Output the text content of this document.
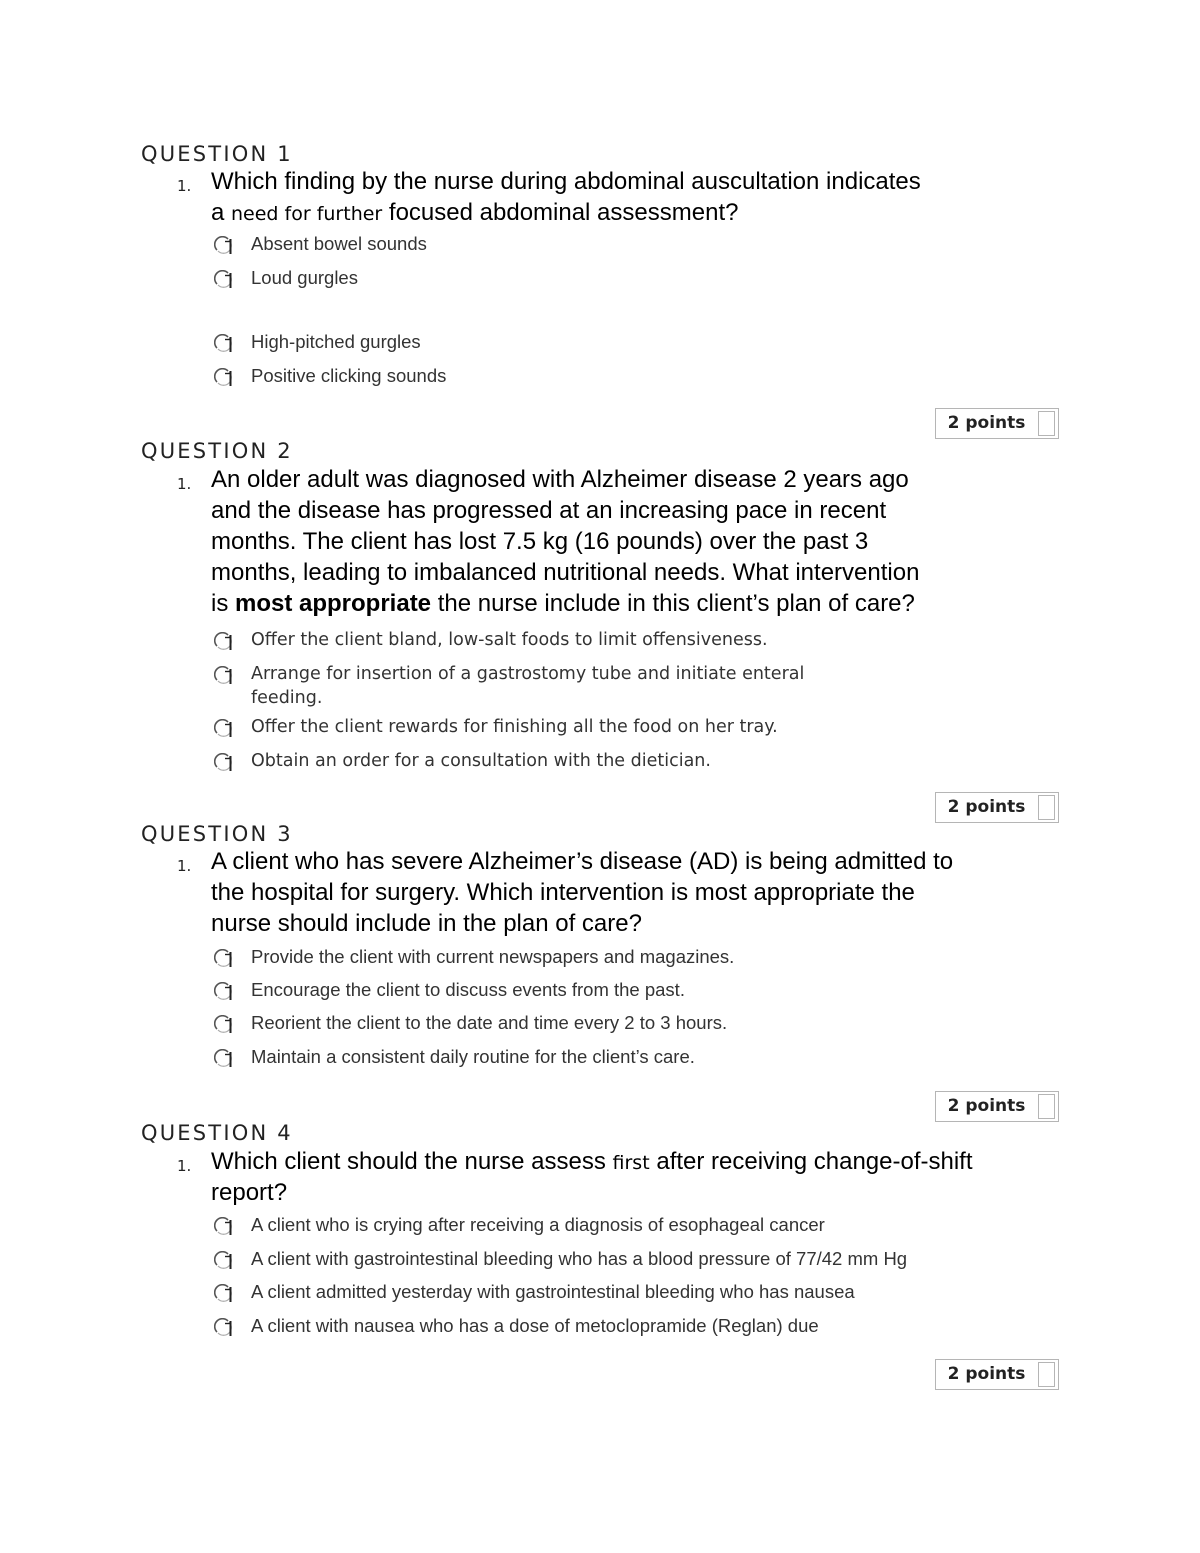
QUESTION 1
1. Which finding by the nurse during abdominal auscultation indicates
a need for further focused abdominal assessment?
Absent bowel sounds
Loud gurgles
High-pitched gurgles
Positive clicking sounds
2 points
QUESTION 2
1. An older adult was diagnosed with Alzheimer disease 2 years ago
and the disease has progressed at an increasing pace in recent
months. The client has lost 7.5 kg (16 pounds) over the past 3
months, leading to imbalanced nutritional needs. What intervention
is most appropriate the nurse include in this client’s plan of care?
Offer the client bland, low-salt foods to limit offensiveness.
Arrange for insertion of a gastrostomy tube and initiate enteral
feeding.
Offer the client rewards for finishing all the food on her tray.
Obtain an order for a consultation with the dietician.
2 points
QUESTION 3
1. A client who has severe Alzheimer’s disease (AD) is being admitted to
the hospital for surgery. Which intervention is most appropriate the
nurse should include in the plan of care?
Provide the client with current newspapers and magazines.
Encourage the client to discuss events from the past.
Reorient the client to the date and time every 2 to 3 hours.
Maintain a consistent daily routine for the client’s care.
2 points
QUESTION 4
1. Which client should the nurse assess first after receiving change-of-shift
report?
A client who is crying after receiving a diagnosis of esophageal cancer
A client with gastrointestinal bleeding who has a blood pressure of 77/42 mm Hg
A client admitted yesterday with gastrointestinal bleeding who has nausea
A client with nausea who has a dose of metoclopramide (Reglan) due
2 points
